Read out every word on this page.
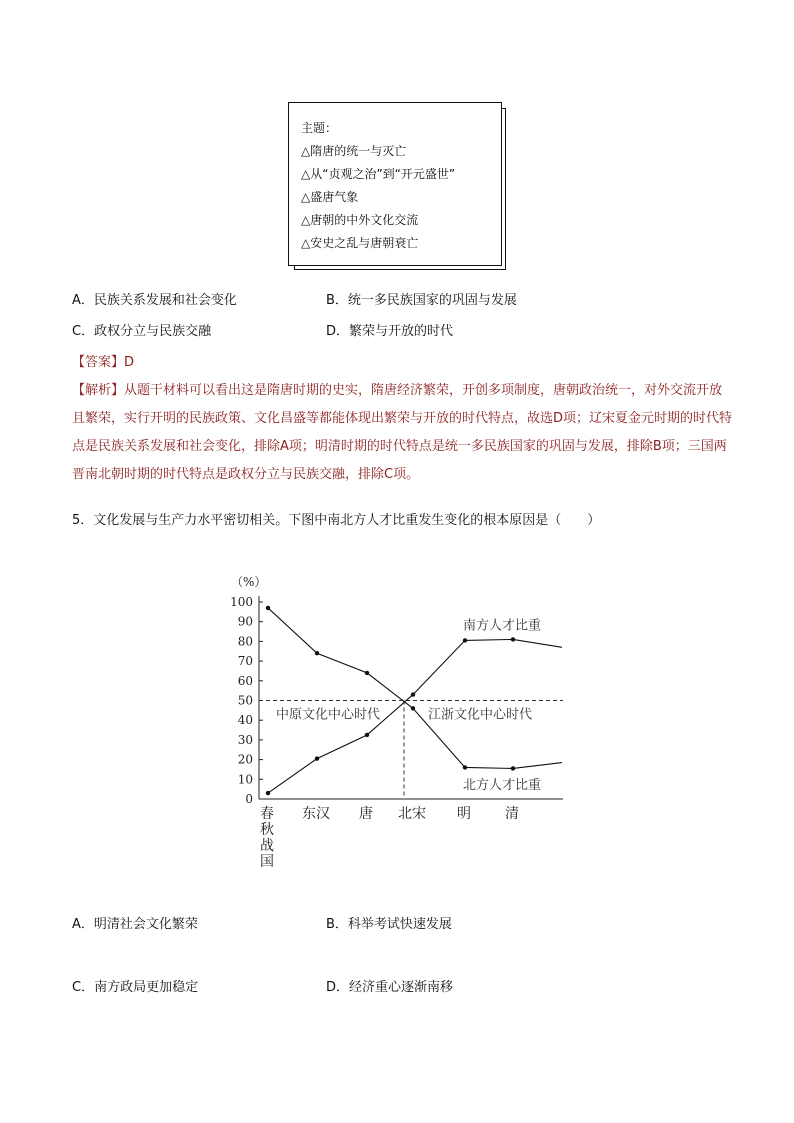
主题：
△隋唐的统一与灭亡
△从“贞观之治”到“开元盛世”
△盛唐气象
△唐朝的中外文化交流
△安史之乱与唐朝衰亡
A．民族关系发展和社会变化	B．统一多民族国家的巩固与发展
C．政权分立与民族交融	D．繁荣与开放的时代
【答案】D
【解析】从题干材料可以看出这是隋唐时期的史实，隋唐经济繁荣，开创多项制度，唐朝政治统一，对外交流开放且繁荣，实行开明的民族政策、文化昌盛等都能体现出繁荣与开放的时代特点，故选D项；辽宋夏金元时期的时代特点是民族关系发展和社会变化，排除A项；明清时期的时代特点是统一多民族国家的巩固与发展，排除B项；三国两晋南北朝时期的时代特点是政权分立与民族交融，排除C项。
5．文化发展与生产力水平密切相关。下图中南北方人才比重发生变化的根本原因是（　　）
（%）
0
10
20
30
40
50
60
70
80
90
100
春
秋
战
国
东汉 唐 北宋 明 清
中原文化中心时代	江浙文化中心时代
南方人才比重
北方人才比重
A．明清社会文化繁荣	B．科举考试快速发展
C．南方政局更加稳定	D．经济重心逐渐南移
